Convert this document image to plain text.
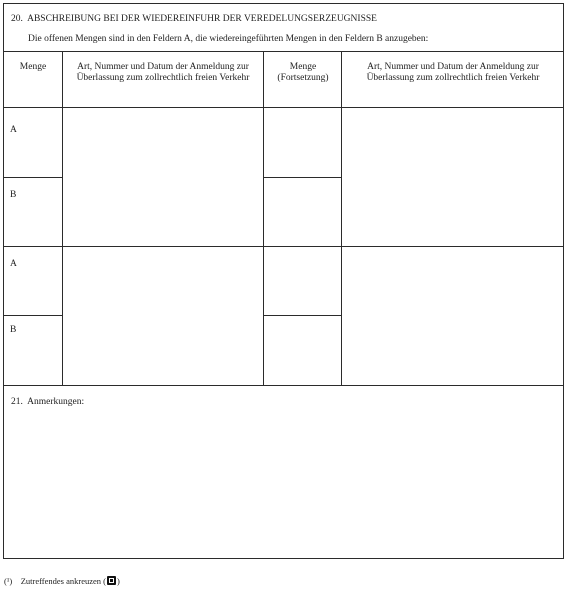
20. ABSCHREIBUNG BEI DER WIEDEREINFUHR DER VEREDELUNGSERZEUGNISSE
Die offenen Mengen sind in den Feldern A, die wiedereingeführten Mengen in den Feldern B anzugeben:
Menge	Art, Nummer und Datum der Anmeldung zur Überlassung zum zollrechtlich freien Verkehr
Menge (Fortsetzung)
Art, Nummer und Datum der Anmeldung zur Überlassung zum zollrechtlich freien Verkehr
A
B
A
B
21. Anmerkungen:
(¹) Zutreffendes ankreuzen ( )
